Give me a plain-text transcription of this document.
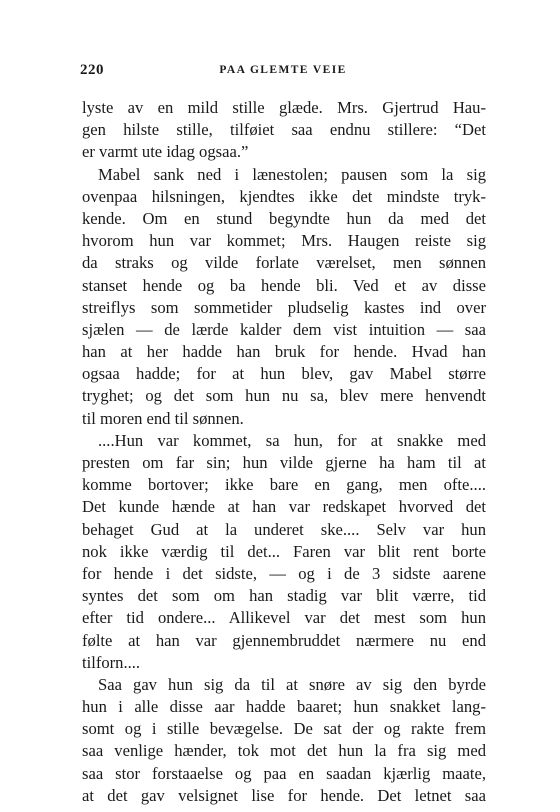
220	PAA GLEMTE VEIE
lyste av en mild stille glæde. Mrs. Gjertrud Hau-
gen hilste stille, tilføiet saa endnu stillere: “Det
er varmt ute idag ogsaa.”
Mabel sank ned i lænestolen; pausen som la sig
ovenpaa hilsningen, kjendtes ikke det mindste tryk-
kende. Om en stund begyndte hun da med det
hvorom hun var kommet; Mrs. Haugen reiste sig
da straks og vilde forlate værelset, men sønnen
stanset hende og ba hende bli. Ved et av disse
streiflys som sommetider pludselig kastes ind over
sjælen — de lærde kalder dem vist intuition — saa
han at her hadde han bruk for hende. Hvad han
ogsaa hadde; for at hun blev, gav Mabel større
tryghet; og det som hun nu sa, blev mere henvendt
til moren end til sønnen.
....Hun var kommet, sa hun, for at snakke med
presten om far sin; hun vilde gjerne ha ham til at
komme bortover; ikke bare en gang, men ofte....
Det kunde hænde at han var redskapet hvorved det
behaget Gud at la underet ske.... Selv var hun
nok ikke værdig til det... Faren var blit rent borte
for hende i det sidste, — og i de 3 sidste aarene
syntes det som om han stadig var blit værre, tid
efter tid ondere... Allikevel var det mest som hun
følte at han var gjennembruddet nærmere nu end
tilforn....
Saa gav hun sig da til at snøre av sig den byrde
hun i alle disse aar hadde baaret; hun snakket lang-
somt og i stille bevægelse. De sat der og rakte frem
saa venlige hænder, tok mot det hun la fra sig med
saa stor forstaaelse og paa en saadan kjærlig maate,
at det gav velsignet lise for hende. Det letnet saa
